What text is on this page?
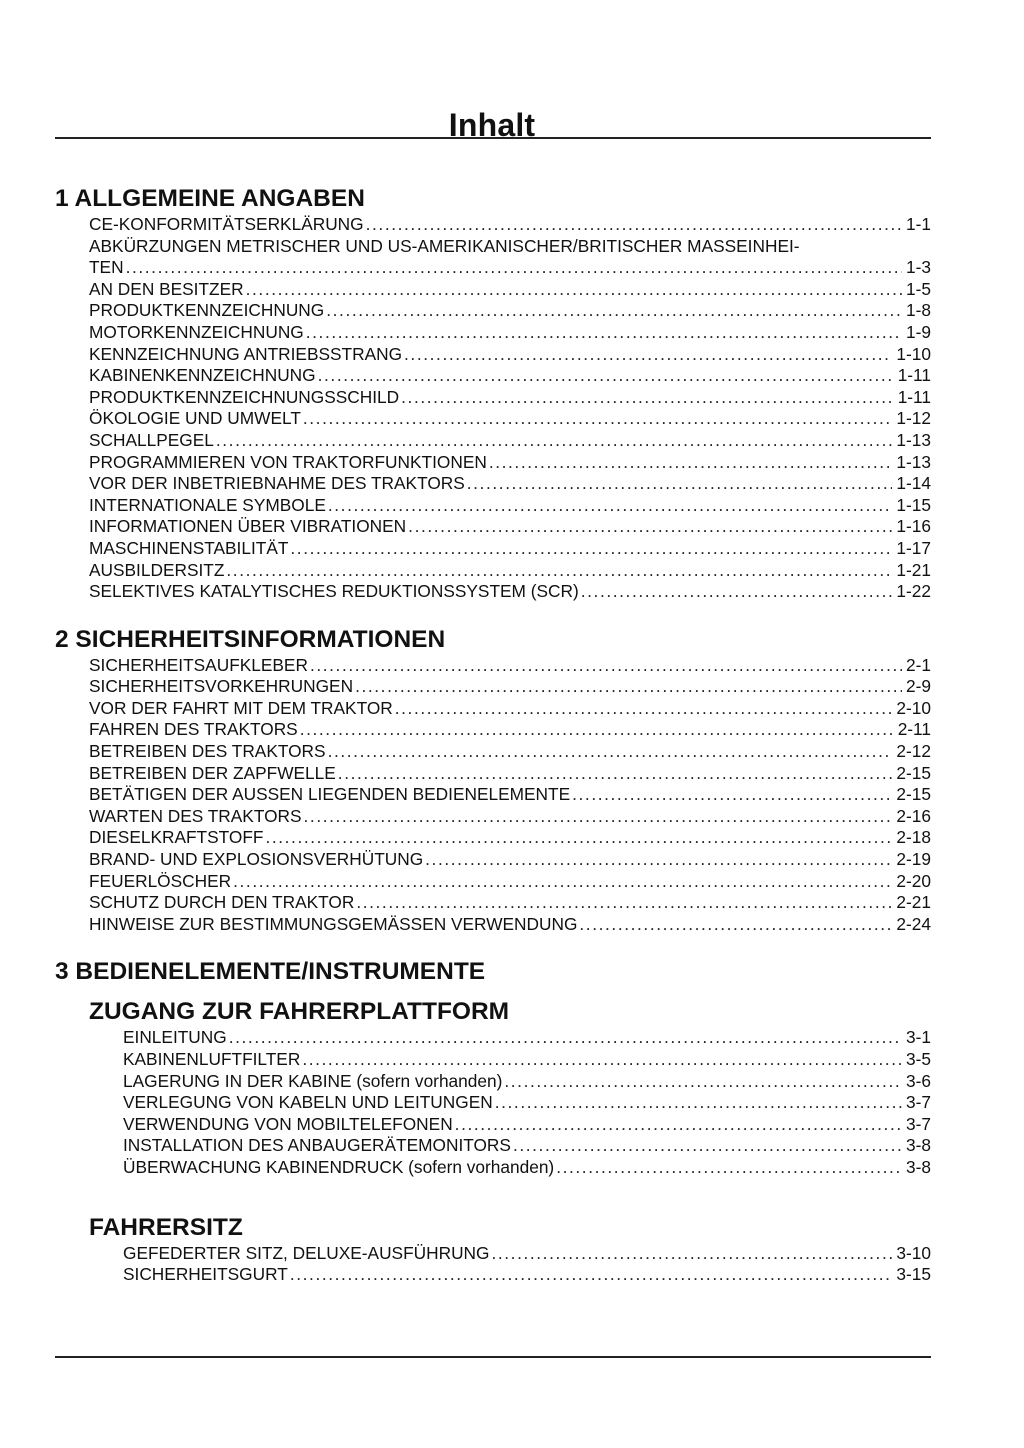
Inhalt
1 ALLGEMEINE ANGABEN
CE-KONFORMITÄTSERKLÄRUNG .....	1-1
ABKÜRZUNGEN METRISCHER UND US-AMERIKANISCHER/BRITISCHER MASSEINHEI-
TEN .....	1-3
AN DEN BESITZER .....	1-5
PRODUKTKENNZEICHNUNG .....	1-8
MOTORKENNZEICHNUNG .....	1-9
KENNZEICHNUNG ANTRIEBSSTRANG .....	1-10
KABINENKENNZEICHNUNG .....	1-11
PRODUKTKENNZEICHNUNGSSCHILD .....	1-11
ÖKOLOGIE UND UMWELT .....	1-12
SCHALLPEGEL .....	1-13
PROGRAMMIEREN VON TRAKTORFUNKTIONEN .....	1-13
VOR DER INBETRIEBNAHME DES TRAKTORS .....	1-14
INTERNATIONALE SYMBOLE .....	1-15
INFORMATIONEN ÜBER VIBRATIONEN .....	1-16
MASCHINENSTABILITÄT .....	1-17
AUSBILDERSITZ .....	1-21
SELEKTIVES KATALYTISCHES REDUKTIONSSYSTEM (SCR) .....	1-22
2 SICHERHEITSINFORMATIONEN
SICHERHEITSAUFKLEBER .....	2-1
SICHERHEITSVORKEHRUNGEN .....	2-9
VOR DER FAHRT MIT DEM TRAKTOR .....	2-10
FAHREN DES TRAKTORS .....	2-11
BETREIBEN DES TRAKTORS .....	2-12
BETREIBEN DER ZAPFWELLE .....	2-15
BETÄTIGEN DER AUSSEN LIEGENDEN BEDIENELEMENTE .....	2-15
WARTEN DES TRAKTORS .....	2-16
DIESELKRAFTSTOFF .....	2-18
BRAND- UND EXPLOSIONSVERHÜTUNG .....	2-19
FEUERLÖSCHER .....	2-20
SCHUTZ DURCH DEN TRAKTOR .....	2-21
HINWEISE ZUR BESTIMMUNGSGEMÄSSEN VERWENDUNG .....	2-24
3 BEDIENELEMENTE/INSTRUMENTE
ZUGANG ZUR FAHRERPLATTFORM
EINLEITUNG .....	3-1
KABINENLUFTFILTER .....	3-5
LAGERUNG IN DER KABINE (sofern vorhanden) .....	3-6
VERLEGUNG VON KABELN UND LEITUNGEN .....	3-7
VERWENDUNG VON MOBILTELEFONEN .....	3-7
INSTALLATION DES ANBAUGERÄTEMONITORS .....	3-8
ÜBERWACHUNG KABINENDRUCK (sofern vorhanden) .....	3-8
FAHRERSITZ
GEFEDERTER SITZ, DELUXE-AUSFÜHRUNG .....	3-10
SICHERHEITSGURT .....	3-15
